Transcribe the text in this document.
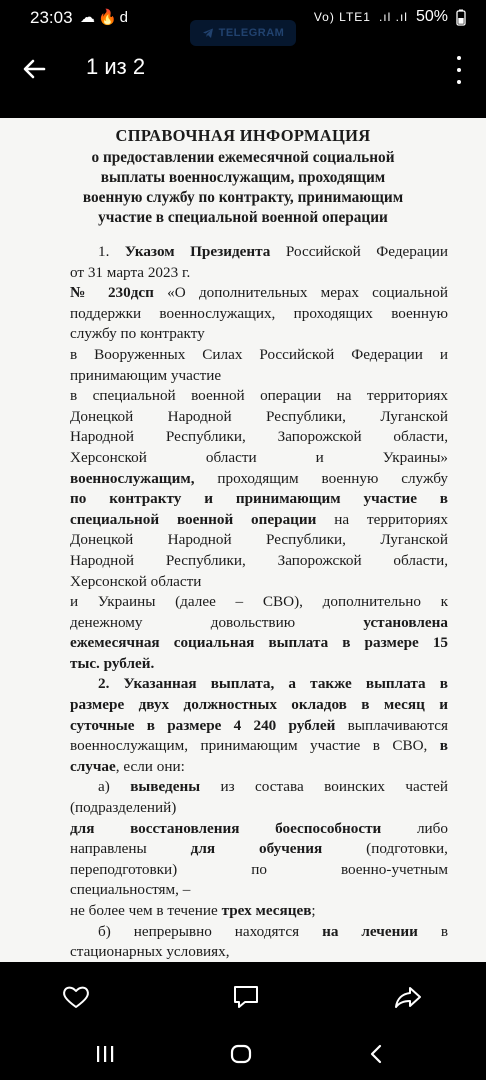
23:03 ☁🔥d	Vo) LTE1 .ıl .ıl 50%
TELEGRAM
1 из 2
СПРАВОЧНАЯ ИНФОРМАЦИЯ
о предоставлении ежемесячной социальной
выплаты военнослужащим, проходящим
военную службу по контракту, принимающим
участие в специальной военной операции

1. Указом Президента Российской Федерации

от 31 марта 2023 г.

№ 230дсп «О дополнительных мерах социальной

поддержки военнослужащих, проходящих военную

службу по контракту

в Вооруженных Силах Российской Федерации и

принимающим участие

в специальной военной операции на территориях

Донецкой Народной Республики, Луганской

Народной Республики, Запорожской области,

Херсонской области и Украины»

военнослужащим, проходящим военную службу

по контракту и принимающим участие в

специальной военной операции на территориях

Донецкой Народной Республики, Луганской

Народной Республики, Запорожской области,

Херсонской области

и Украины (далее – СВО), дополнительно к

денежному довольствию установлена

ежемесячная социальная выплата в размере 15

тыс. рублей.

2. Указанная выплата, а также выплата в

размере двух должностных окладов в месяц и

суточные в размере 4 240 рублей выплачиваются

военнослужащим, принимающим участие в СВО, в

случае, если они:

а) выведены из состава воинских частей

(подразделений)

для восстановления боеспособности либо

направлены для обучения (подготовки,

переподготовки) по военно-учетным

специальностям, –

не более чем в течение трех месяцев;

б) непрерывно находятся на лечении в

стационарных условиях,
